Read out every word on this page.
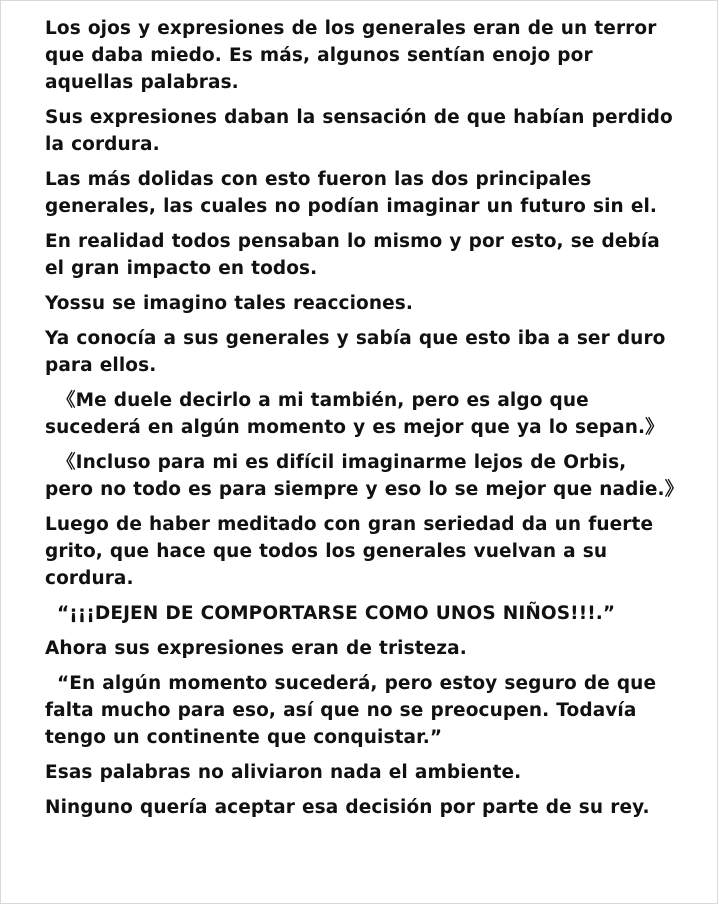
Los ojos y expresiones de los generales eran de un terror que daba miedo. Es más, algunos sentían enojo por aquellas palabras.

Sus expresiones daban la sensación de que habían perdido la cordura.

Las más dolidas con esto fueron las dos principales generales, las cuales no podían imaginar un futuro sin el.

En realidad todos pensaban lo mismo y por esto, se debía el gran impacto en todos.

Yossu se imagino tales reacciones.

Ya conocía a sus generales y sabía que esto iba a ser duro para ellos.

《Me duele decirlo a mi también, pero es algo que sucederá en algún momento y es mejor que ya lo sepan.》

《Incluso para mi es difícil imaginarme lejos de Orbis, pero no todo es para siempre y eso lo se mejor que nadie.》

Luego de haber meditado con gran seriedad da un fuerte grito, que hace que todos los generales vuelvan a su cordura.

“¡¡¡DEJEN DE COMPORTARSE COMO UNOS NIÑOS!!!.”

Ahora sus expresiones eran de tristeza.

“En algún momento sucederá, pero estoy seguro de que falta mucho para eso, así que no se preocupen. Todavía tengo un continente que conquistar.”

Esas palabras no aliviaron nada el ambiente.

Ninguno quería aceptar esa decisión por parte de su rey.
